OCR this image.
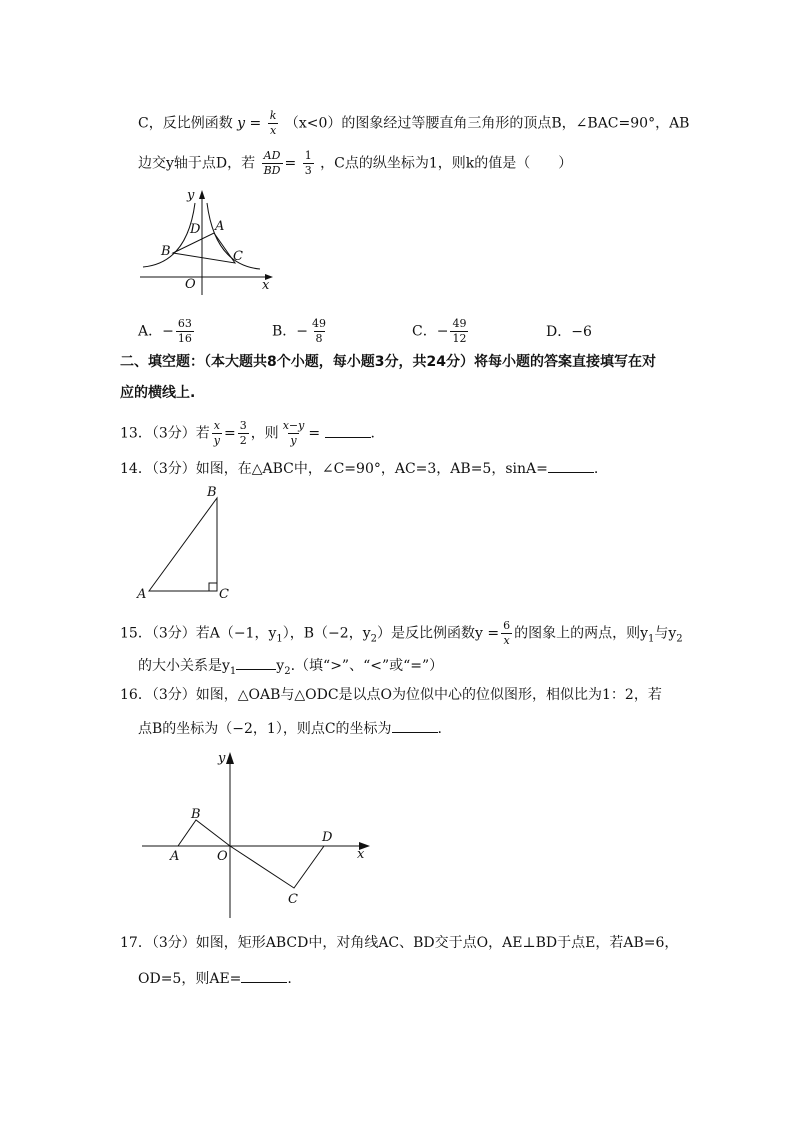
C，反比例函数 $y = \frac{k}{x} (x<0)$的图象经过等腰直角三角形的顶点B，∠BAC=90°，AB
边交y轴于点D，若 $\frac{AD}{BD} = \frac{1}{3}$ ，C点的纵坐标为1，则k的值是（　　）
y
D A
B	C
O	x
A．− $\frac{63}{16}$	B．− $\frac{49}{8}$	C．− $\frac{49}{12}$	D．−6
二、填空题：（本大题共8个小题，每小题3分，共24分）将每小题的答案直接填写在对
应的横线上.
13．（3分）若 $\frac{x}{y} = \frac{3}{2}$ ，则 $\frac{x-y}{y}$ =	.
14．（3分）如图，在△ABC中，∠C=90°，AC=3，AB=5，sinA=	.
B
A	C
15．（3分）若A（−1，$y_1$），B（−2，$y_2$）是反比例函数$y = \frac{6}{x}$ 的图象上的两点，则$y_1$与$y_2$
的大小关系是$y_1$	$y_2$.（填“>”、“<”或“=”）
16．（3分）如图，△OAB与△ODC是以点O为位似中心的位似图形，相似比为1：2，若
点B的坐标为（−2，1），则点C的坐标为	.
y
B
A	O
D
x
C
17．（3分）如图，矩形ABCD中，对角线AC、BD交于点O，AE⊥BD于点E，若AB=6，
OD=5，则AE=	.
